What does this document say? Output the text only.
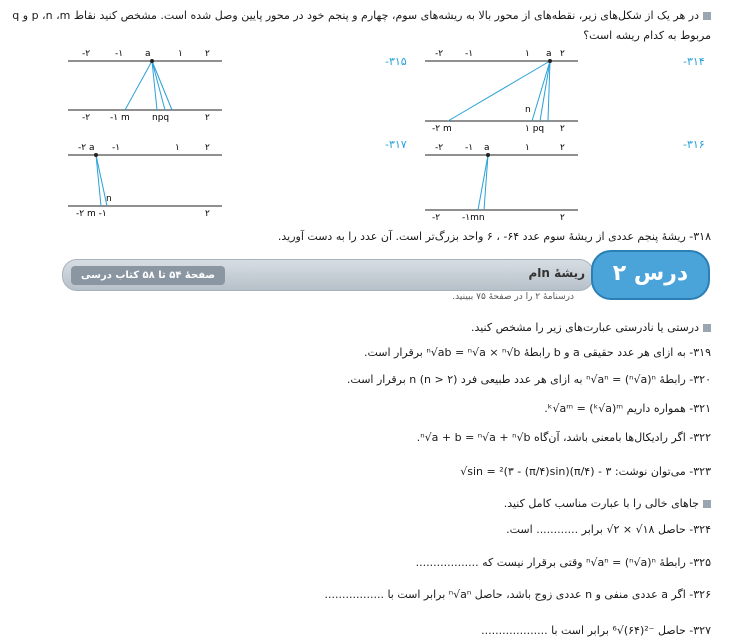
در هر یک از شکل‌های زیر، نقطه‌های از محور بالا به ریشه‌های سوم، چهارم و پنجم خود در محور پایین وصل شده است. مشخص کنید نقاط p ،n ،m و q
مربوط به کدام ریشه است؟
-۲	-۱ a	۱ ۲
-۲ -۱ m npq	۲
-۲ -۱	۱ a ۲
n
-۲ m	۱ pq ۲
-۲ a -۱	۱	۲
n
-۲ m -۱	۲
-۲ -۱ a	۱	۲
-۲ -۱mn	۲
-۳۱۵	-۳۱۴
-۳۱۷	-۳۱۶
۳۱۸- ریشهٔ پنجم عددی از ریشهٔ سوم عدد ۶۴- ، ۶ واحد بزرگ‌تر است. آن عدد را به دست آورید.
صفحهٔ ۵۴ تا ۵۸ کتاب درسی	ریشهٔ nام	درس ۲
درسنامهٔ ۲ را در صفحهٔ ۷۵ ببینید.
درستی یا نادرستی عبارت‌های زیر را مشخص کنید.
۳۱۹- به ازای هر عدد حقیقی a و b رابطهٔ ⁿ√ab = ⁿ√a × ⁿ√b برقرار است.
۳۲۰- رابطهٔ ⁿ√aⁿ = (ⁿ√a)ⁿ به ازای هر عدد طبیعی فرد n (n > ۲) برقرار است.
۳۲۱- همواره داریم ᵏ√aᵐ = (ᵏ√a)ᵐ.
۳۲۲- اگر رادیکال‌ها بامعنی باشد، آن‌گاه ⁿ√a + b = ⁿ√a + ⁿ√b.
۳۲۳- می‌توان نوشت: ۳ - (π/۴)sin = ²(۳ - (π/۴)sin)√
جاهای خالی را با عبارت مناسب کامل کنید.
۳۲۴- حاصل ۱۸√ × ۲√ برابر ............ است.
۳۲۵- رابطهٔ ⁿ√aⁿ = (ⁿ√a)ⁿ وقتی برقرار نیست که ..................
۳۲۶- اگر a عددی منفی و n عددی زوج باشد، حاصل ⁿ√aⁿ برابر است با .................
۳۲۷- حاصل ⁻²(۶۴)√⁶ برابر است با ...................
